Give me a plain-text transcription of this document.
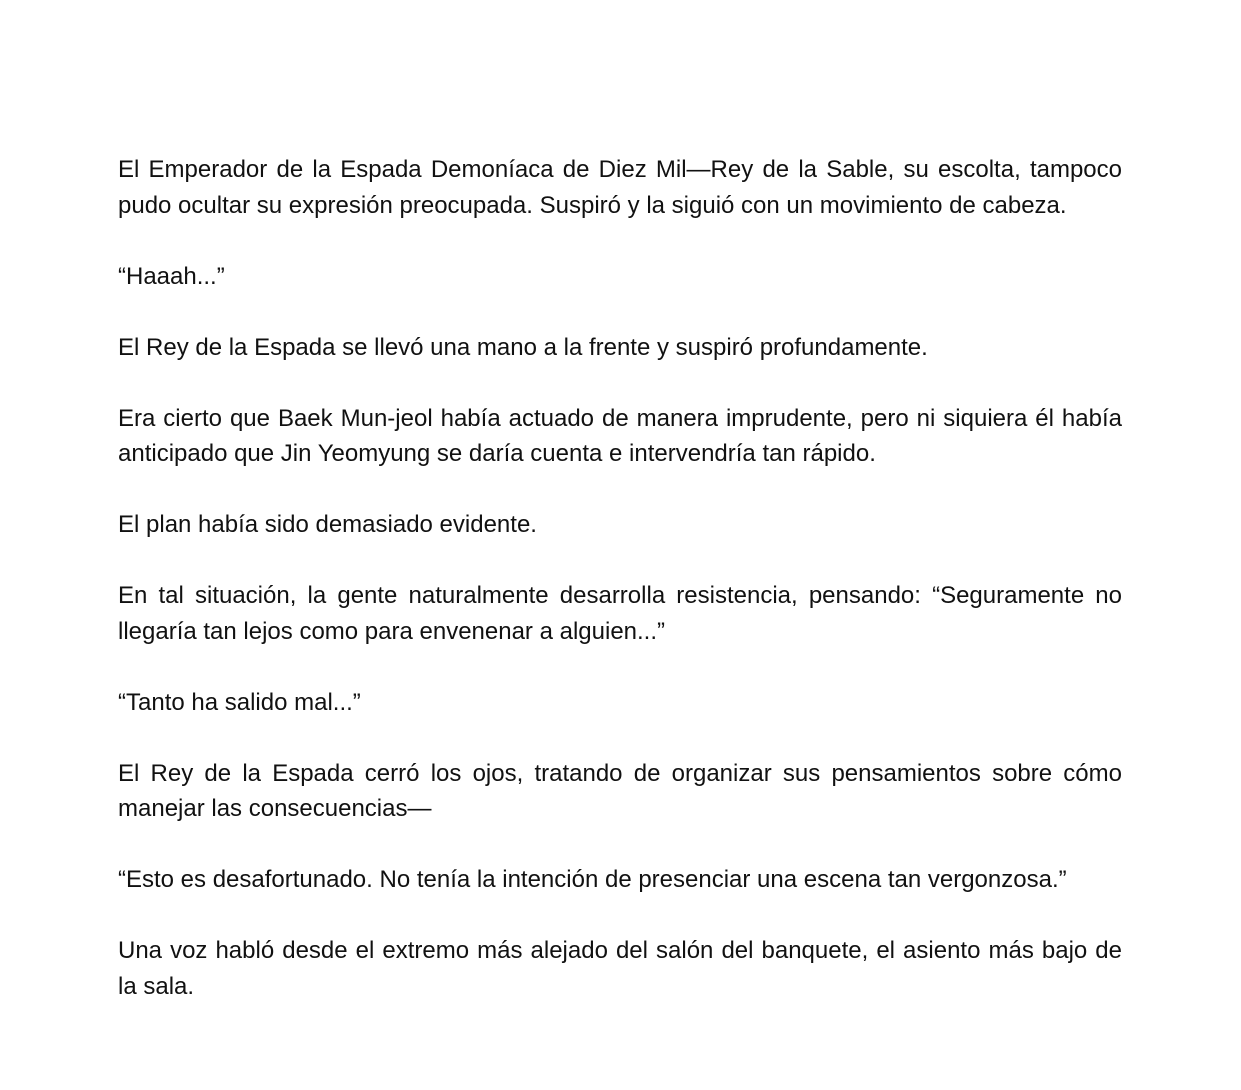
El Emperador de la Espada Demoníaca de Diez Mil—Rey de la Sable, su escolta, tampoco pudo ocultar su expresión preocupada. Suspiró y la siguió con un movimiento de cabeza.

“Haaah...”

El Rey de la Espada se llevó una mano a la frente y suspiró profundamente.

Era cierto que Baek Mun-jeol había actuado de manera imprudente, pero ni siquiera él había anticipado que Jin Yeomyung se daría cuenta e intervendría tan rápido.

El plan había sido demasiado evidente.

En tal situación, la gente naturalmente desarrolla resistencia, pensando: “Seguramente no llegaría tan lejos como para envenenar a alguien...”

“Tanto ha salido mal...”

El Rey de la Espada cerró los ojos, tratando de organizar sus pensamientos sobre cómo manejar las consecuencias—

“Esto es desafortunado. No tenía la intención de presenciar una escena tan vergonzosa.”

Una voz habló desde el extremo más alejado del salón del banquete, el asiento más bajo de la sala.
